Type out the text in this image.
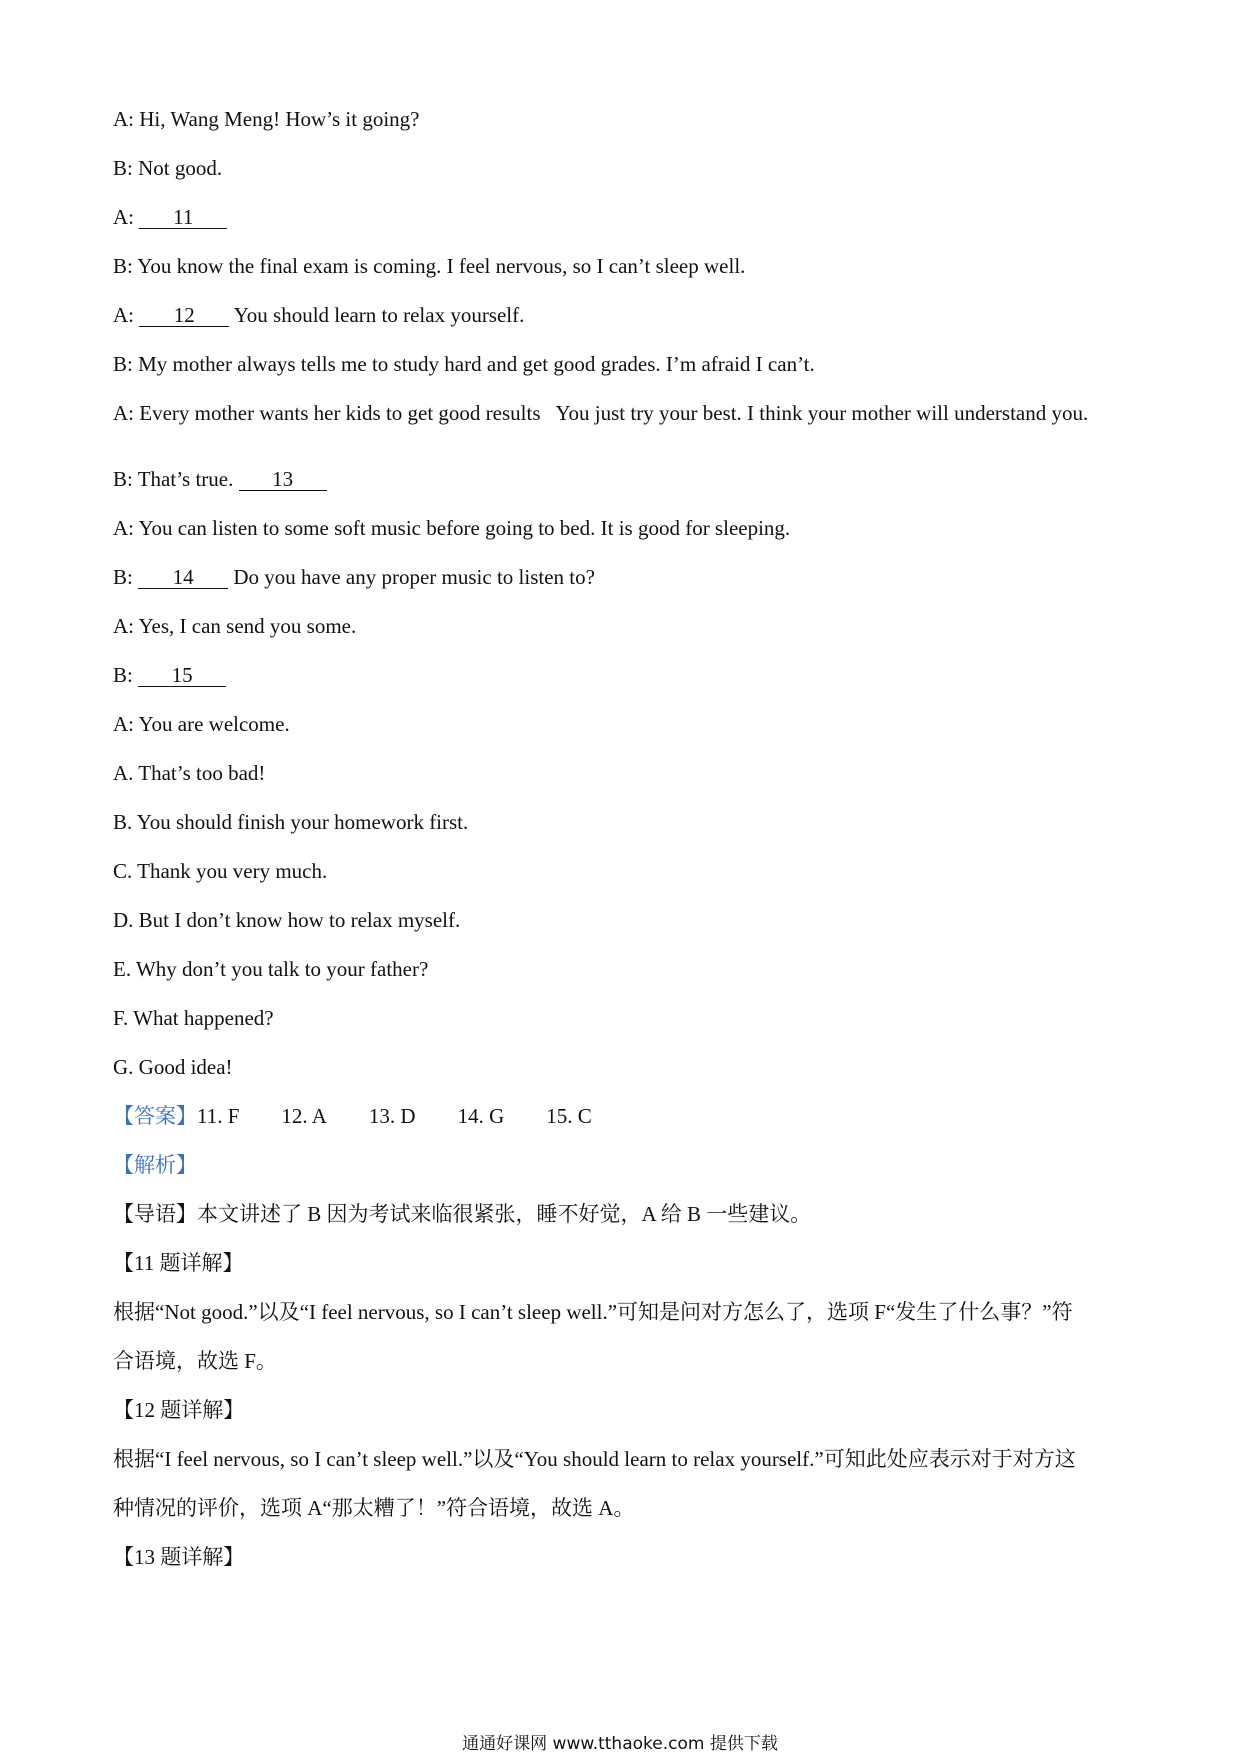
A: Hi, Wang Meng! How’s it going?
B: Not good.
A: 11
B: You know the final exam is coming. I feel nervous, so I can’t sleep well.
A: 12 You should learn to relax yourself.
B: My mother always tells me to study hard and get good grades. I’m afraid I can’t.
A: Every mother wants her kids to get good results   You just try your best. I think your mother will understand you.
B: That’s true. 13
A: You can listen to some soft music before going to bed. It is good for sleeping.
B: 14 Do you have any proper music to listen to?
A: Yes, I can send you some.
B: 15
A: You are welcome.
A. That’s too bad!
B. You should finish your homework first.
C. Thank you very much.
D. But I don’t know how to relax myself.
E. Why don’t you talk to your father?
F. What happened?
G. Good idea!
【答案】11. F 12. A 13. D 14. G 15. C
【解析】
【导语】本文讲述了 B 因为考试来临很紧张，睡不好觉，A 给 B 一些建议。
【11 题详解】
根据“Not good.”以及“I feel nervous, so I can’t sleep well.”可知是问对方怎么了，选项 F“发生了什么事？”符
合语境，故选 F。
【12 题详解】
根据“I feel nervous, so I can’t sleep well.”以及“You should learn to relax yourself.”可知此处应表示对于对方这
种情况的评价，选项 A“那太糟了！”符合语境，故选 A。
【13 题详解】
通通好课网 www.tthaoke.com 提供下载
